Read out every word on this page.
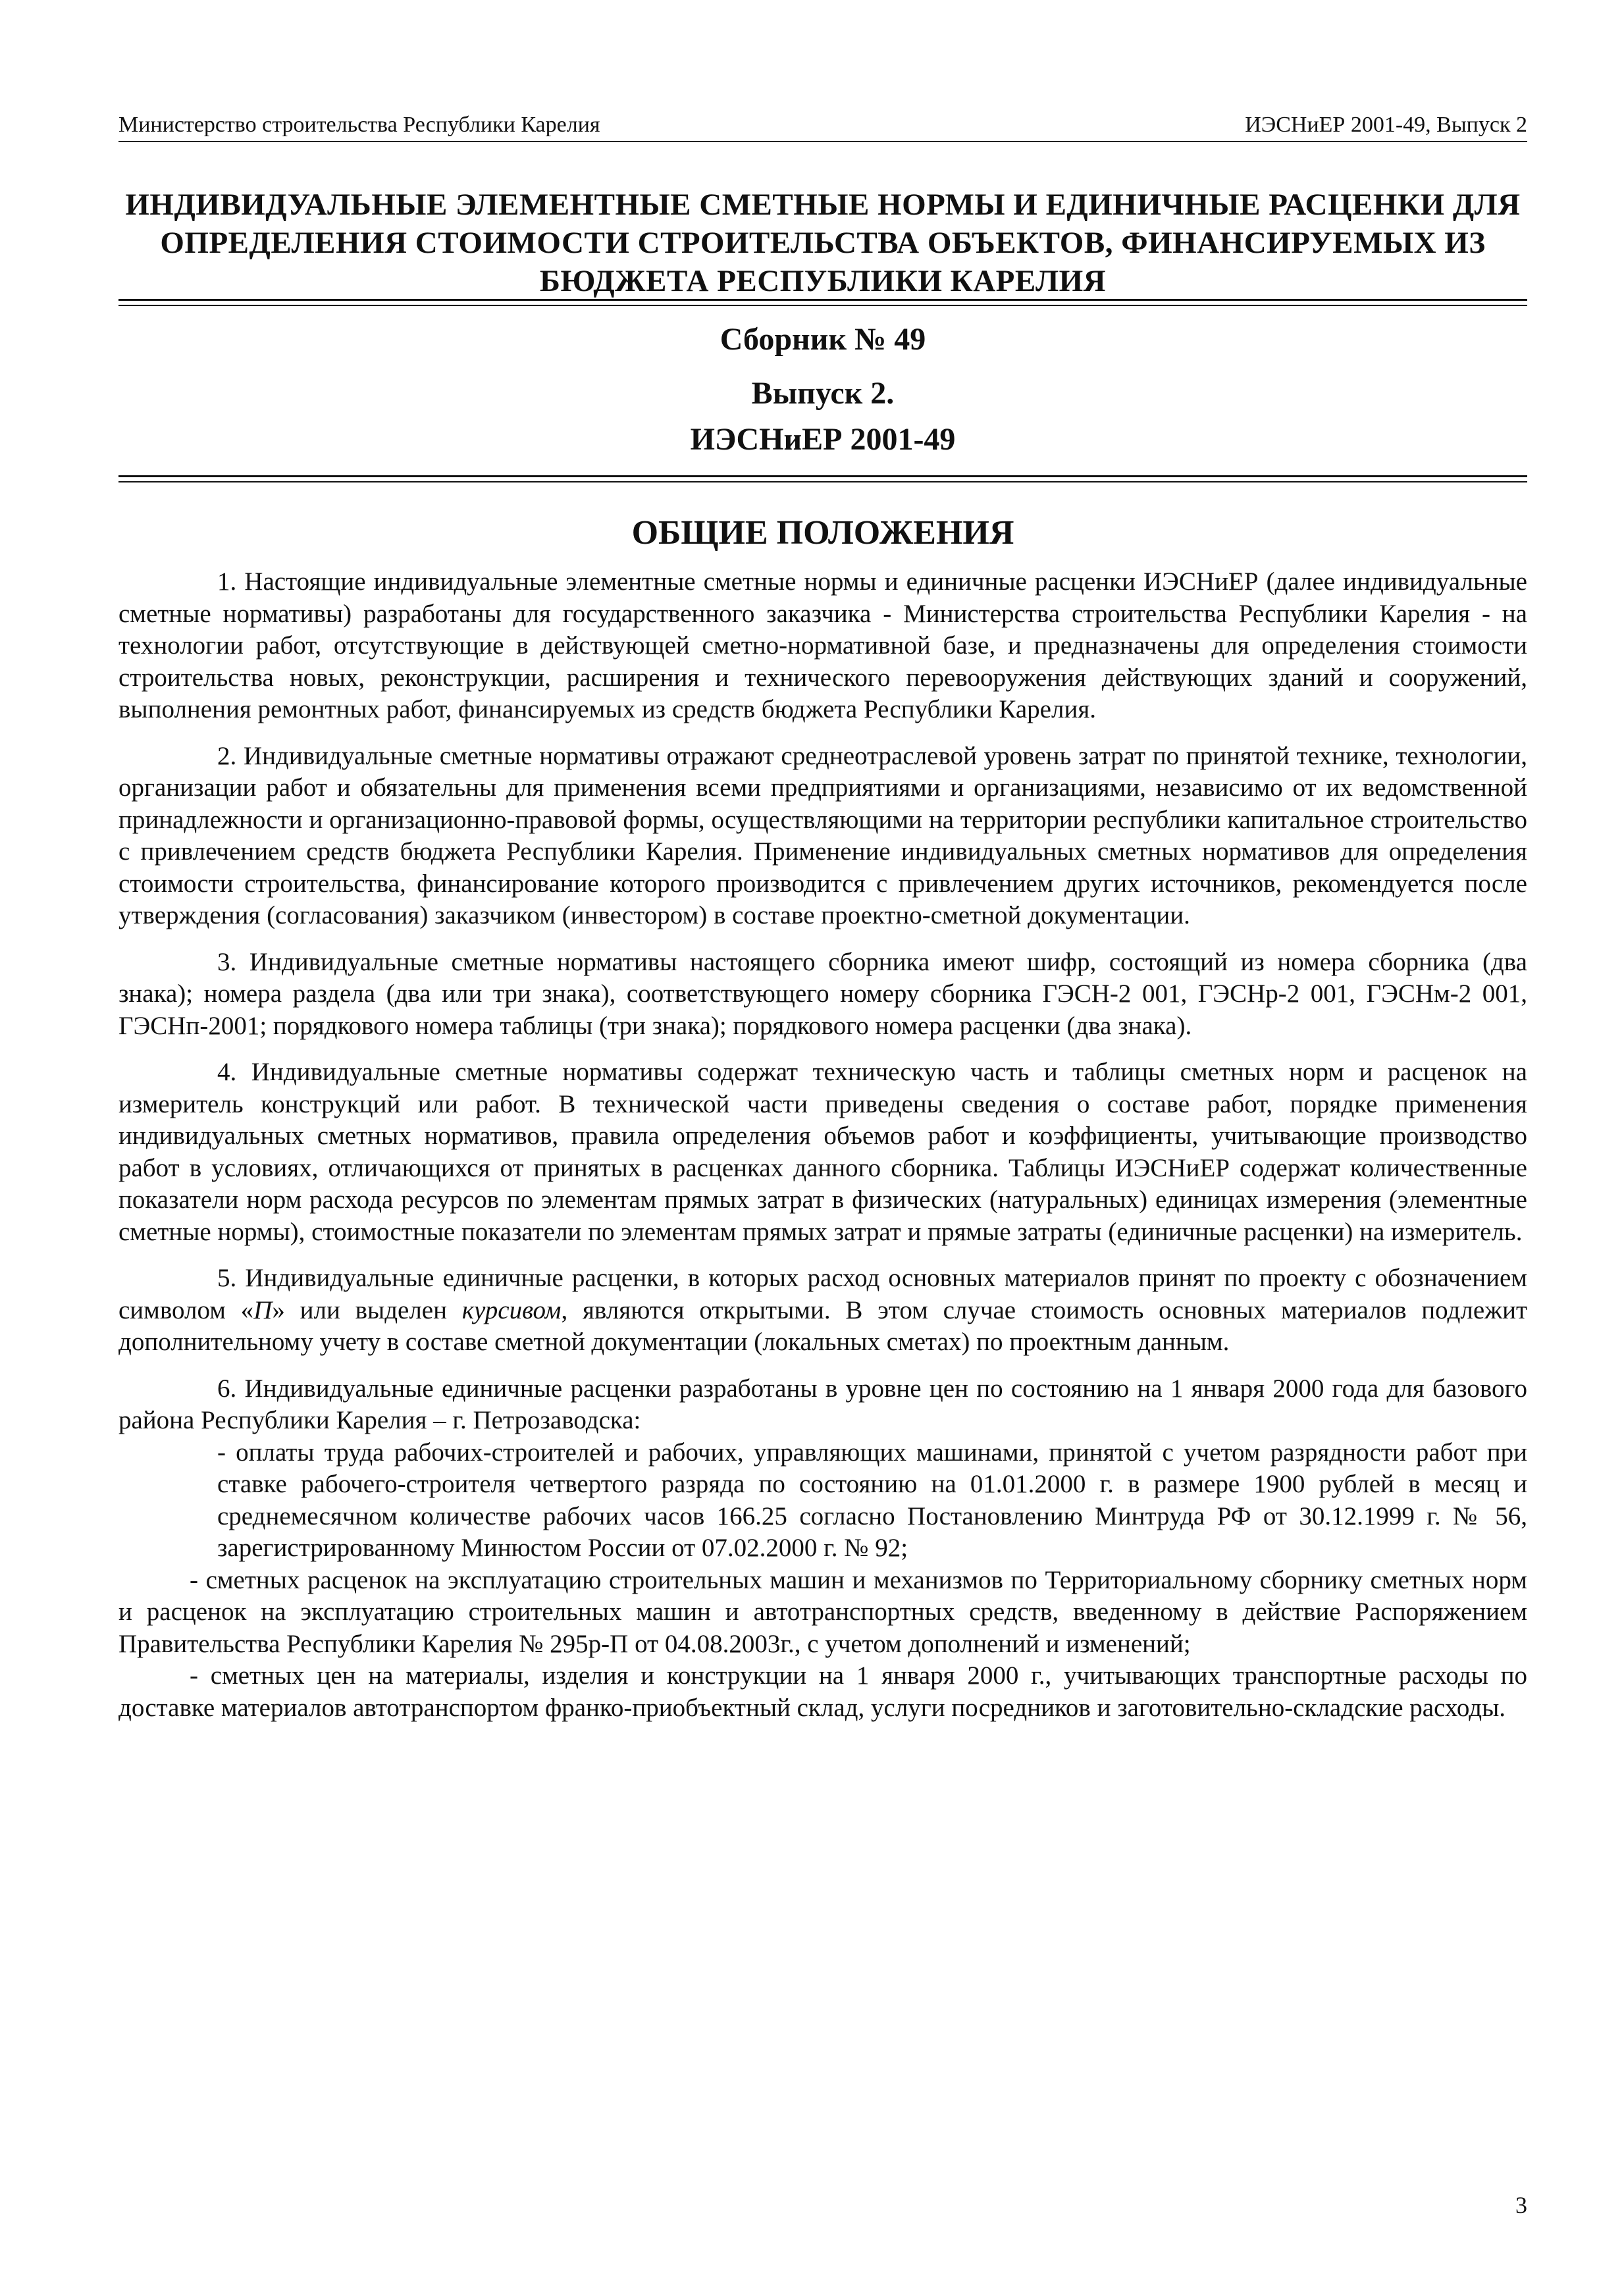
Министерство строительства Республики Карелия	ИЭСНиЕР 2001-49, Выпуск 2
ИНДИВИДУАЛЬНЫЕ ЭЛЕМЕНТНЫЕ СМЕТНЫЕ НОРМЫ И ЕДИНИЧНЫЕ РАСЦЕНКИ ДЛЯ
ОПРЕДЕЛЕНИЯ СТОИМОСТИ СТРОИТЕЛЬСТВА ОБЪЕКТОВ, ФИНАНСИРУЕМЫХ ИЗ
БЮДЖЕТА РЕСПУБЛИКИ КАРЕЛИЯ
Сборник № 49
Выпуск 2.
ИЭСНиЕР 2001-49
ОБЩИЕ ПОЛОЖЕНИЯ

1. Настоящие индивидуальные элементные сметные нормы и единичные расценки ИЭСНиЕР (далее индивидуальные сметные нормативы) разработаны для государственного заказчика - Министерства строительства Республики Карелия - на технологии работ, отсутствующие в действующей сметно-нормативной базе, и предназначены для определения стоимости строительства новых, реконструкции, расширения и технического перевооружения действующих зданий и сооружений, выполнения ремонтных работ, финансируемых из средств бюджета Республики Карелия.

2. Индивидуальные сметные нормативы отражают среднеотраслевой уровень затрат по принятой технике, технологии, организации работ и обязательны для применения всеми предприятиями и организациями, независимо от их ведомственной принадлежности и организационно-правовой формы, осуществляющими на территории республики капитальное строительство с привлечением средств бюджета Республики Карелия. Применение индивидуальных сметных нормативов для определения стоимости строительства, финансирование которого производится с привлечением других источников, рекомендуется после утверждения (согласования) заказчиком (инвестором) в составе проектно-сметной документации.

3. Индивидуальные сметные нормативы настоящего сборника имеют шифр, состоящий из номера сборника (два знака); номера раздела (два или три знака), соответствующего номеру сборника ГЭСН-2 001, ГЭСНр-2 001, ГЭСНм-2 001, ГЭСНп-2001; порядкового номера таблицы (три знака); порядкового номера расценки (два знака).

4. Индивидуальные сметные нормативы содержат техническую часть и таблицы сметных норм и расценок на измеритель конструкций или работ. В технической части приведены сведения о составе работ, порядке применения индивидуальных сметных нормативов, правила определения объемов работ и коэффициенты, учитывающие производство работ в условиях, отличающихся от принятых в расценках данного сборника. Таблицы ИЭСНиЕР содержат количественные показатели норм расхода ресурсов по элементам прямых затрат в физических (натуральных) единицах измерения (элементные сметные нормы), стоимостные показатели по элементам прямых затрат и прямые затраты (единичные расценки) на измеритель.

5. Индивидуальные единичные расценки, в которых расход основных материалов принят по проекту с обозначением символом «П» или выделен курсивом, являются открытыми. В этом случае стоимость основных материалов подлежит дополнительному учету в составе сметной документации (локальных сметах) по проектным данным.

6. Индивидуальные единичные расценки разработаны в уровне цен по состоянию на 1 января 2000 года для базового района Республики Карелия – г. Петрозаводска:

- оплаты труда рабочих-строителей и рабочих, управляющих машинами, принятой с учетом разрядности работ при ставке рабочего-строителя четвертого разряда по состоянию на 01.01.2000 г. в размере 1900 рублей в месяц и среднемесячном количестве рабочих часов 166.25 согласно Постановлению Минтруда РФ от 30.12.1999 г. № 56, зарегистрированному Минюстом России от 07.02.2000 г. № 92;

- сметных расценок на эксплуатацию строительных машин и механизмов по Территориальному сборнику сметных норм и расценок на эксплуатацию строительных машин и автотранспортных средств, введенному в действие Распоряжением Правительства Республики Карелия № 295р-П от 04.08.2003г., с учетом дополнений и изменений;

- сметных цен на материалы, изделия и конструкции на 1 января 2000 г., учитывающих транспортные расходы по доставке материалов автотранспортом франко-приобъектный склад, услуги посредников и заготовительно-складские расходы.

3
